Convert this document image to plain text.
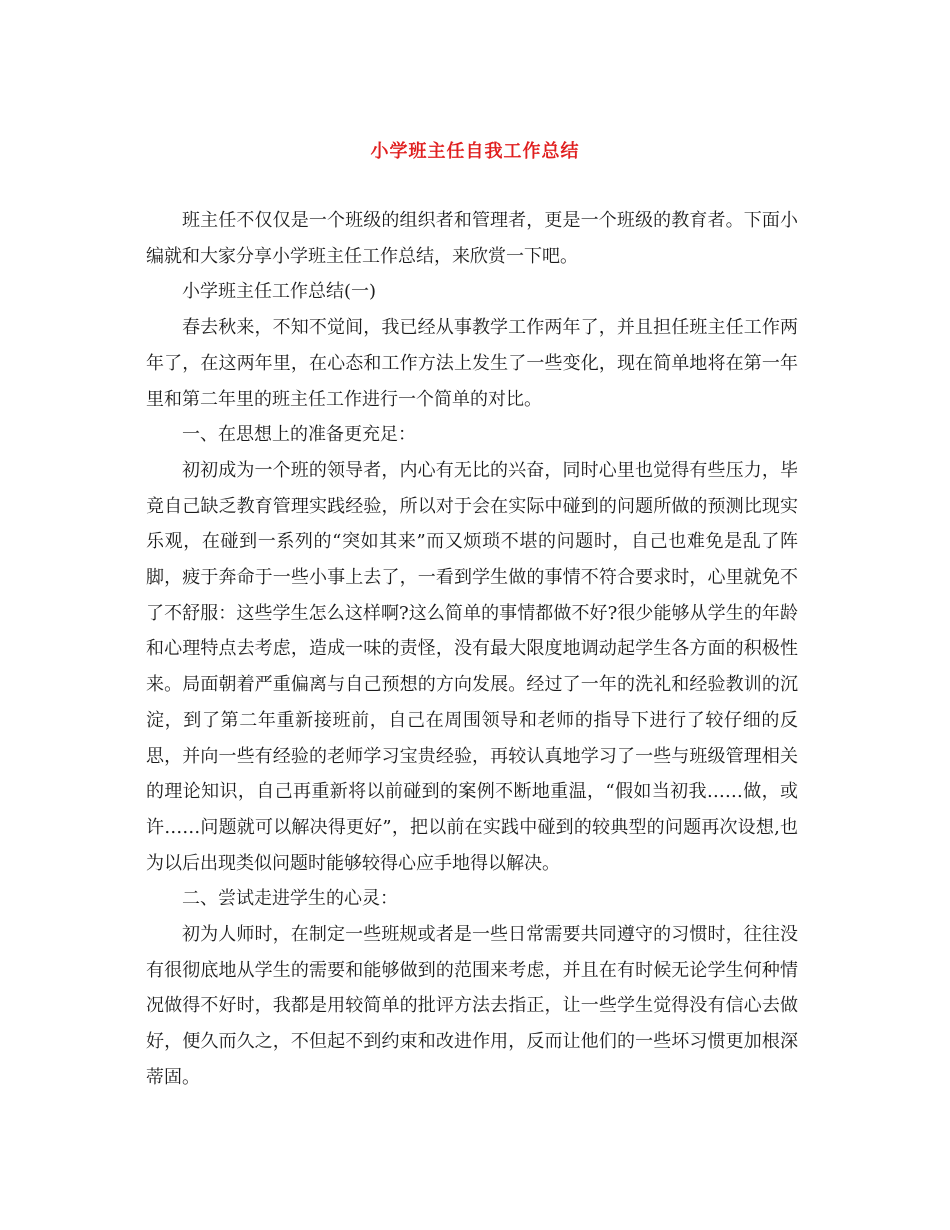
小学班主任自我工作总结

班主任不仅仅是一个班级的组织者和管理者，更是一个班级的教育者。下面小编就和大家分享小学班主任工作总结，来欣赏一下吧。

小学班主任工作总结(一)

春去秋来，不知不觉间，我已经从事教学工作两年了，并且担任班主任工作两年了，在这两年里，在心态和工作方法上发生了一些变化，现在简单地将在第一年里和第二年里的班主任工作进行一个简单的对比。

一、在思想上的准备更充足：

初初成为一个班的领导者，内心有无比的兴奋，同时心里也觉得有些压力，毕竟自己缺乏教育管理实践经验，所以对于会在实际中碰到的问题所做的预测比现实乐观，在碰到一系列的“突如其来”而又烦琐不堪的问题时，自己也难免是乱了阵脚，疲于奔命于一些小事上去了，一看到学生做的事情不符合要求时，心里就免不了不舒服：这些学生怎么这样啊?这么简单的事情都做不好?很少能够从学生的年龄和心理特点去考虑，造成一味的责怪，没有最大限度地调动起学生各方面的积极性来。局面朝着严重偏离与自己预想的方向发展。经过了一年的洗礼和经验教训的沉淀，到了第二年重新接班前，自己在周围领导和老师的指导下进行了较仔细的反思，并向一些有经验的老师学习宝贵经验，再较认真地学习了一些与班级管理相关的理论知识，自己再重新将以前碰到的案例不断地重温，“假如当初我……做，或许……问题就可以解决得更好”，把以前在实践中碰到的较典型的问题再次设想,也为以后出现类似问题时能够较得心应手地得以解决。

二、尝试走进学生的心灵：

初为人师时，在制定一些班规或者是一些日常需要共同遵守的习惯时，往往没有很彻底地从学生的需要和能够做到的范围来考虑，并且在有时候无论学生何种情况做得不好时，我都是用较简单的批评方法去指正，让一些学生觉得没有信心去做好，便久而久之，不但起不到约束和改进作用，反而让他们的一些坏习惯更加根深蒂固。
